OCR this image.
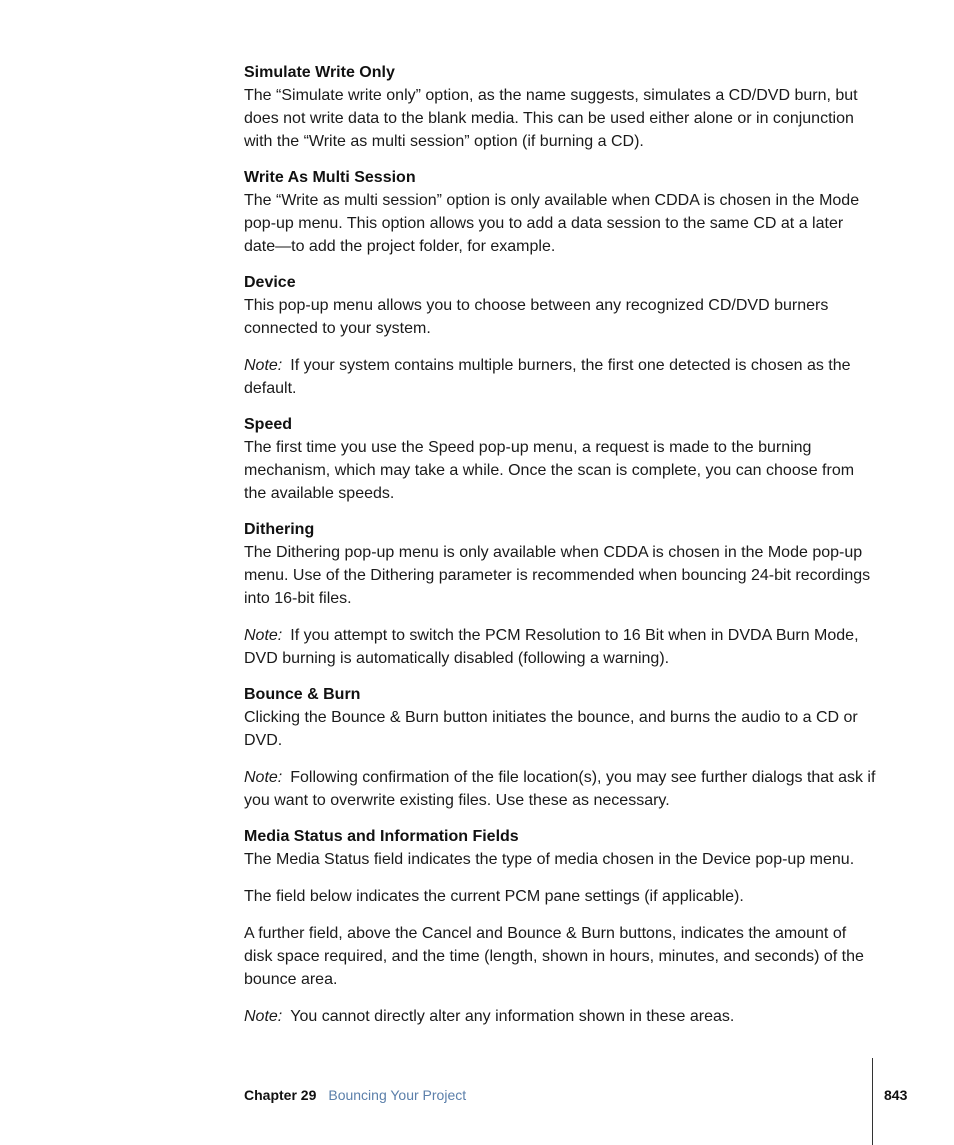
Simulate Write Only

The “Simulate write only” option, as the name suggests, simulates a CD/DVD burn, but does not write data to the blank media. This can be used either alone or in conjunction with the “Write as multi session” option (if burning a CD).

Write As Multi Session

The “Write as multi session” option is only available when CDDA is chosen in the Mode pop-up menu. This option allows you to add a data session to the same CD at a later date—to add the project folder, for example.

Device

This pop-up menu allows you to choose between any recognized CD/DVD burners connected to your system.

Note: If your system contains multiple burners, the first one detected is chosen as the default.

Speed

The first time you use the Speed pop-up menu, a request is made to the burning mechanism, which may take a while. Once the scan is complete, you can choose from the available speeds.

Dithering

The Dithering pop-up menu is only available when CDDA is chosen in the Mode pop-up menu. Use of the Dithering parameter is recommended when bouncing 24-bit recordings into 16-bit files.

Note: If you attempt to switch the PCM Resolution to 16 Bit when in DVDA Burn Mode, DVD burning is automatically disabled (following a warning).

Bounce & Burn

Clicking the Bounce & Burn button initiates the bounce, and burns the audio to a CD or DVD.

Note: Following confirmation of the file location(s), you may see further dialogs that ask if you want to overwrite existing files. Use these as necessary.

Media Status and Information Fields

The Media Status field indicates the type of media chosen in the Device pop-up menu.

The field below indicates the current PCM pane settings (if applicable).

A further field, above the Cancel and Bounce & Burn buttons, indicates the amount of disk space required, and the time (length, shown in hours, minutes, and seconds) of the bounce area.

Note: You cannot directly alter any information shown in these areas.

Chapter 29 Bouncing Your Project	843
